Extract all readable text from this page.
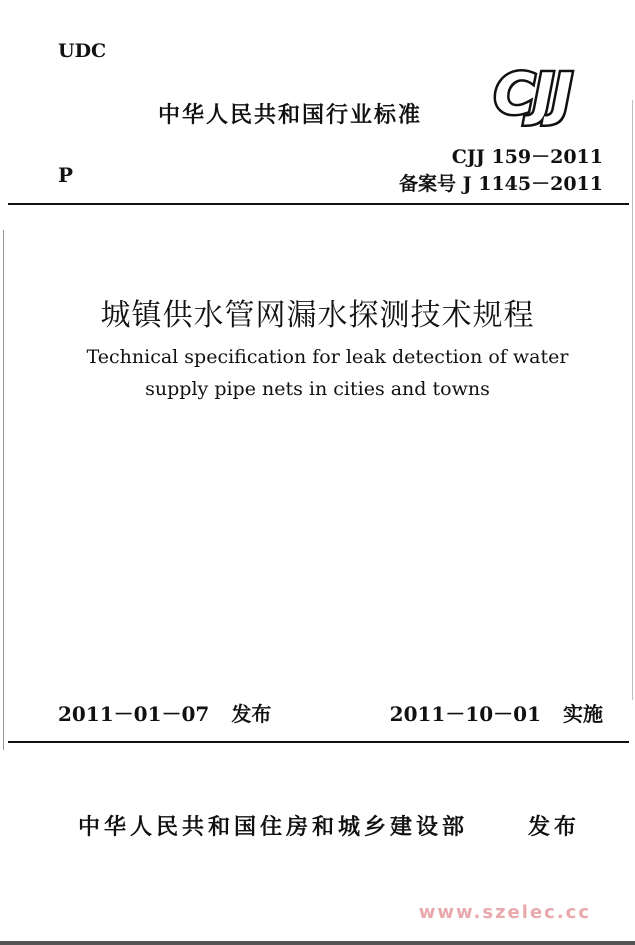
UDC
中华人民共和国行业标准 CJJ
P
CJJ 159－2011
备案号 J 1145－2011
城镇供水管网漏水探测技术规程
Technical specification for leak detection of water
supply pipe nets in cities and towns
2011－01－07 发布	2011－10－01 实施
中华人民共和国住房和城乡建设部	发布
www.szelec.cc
